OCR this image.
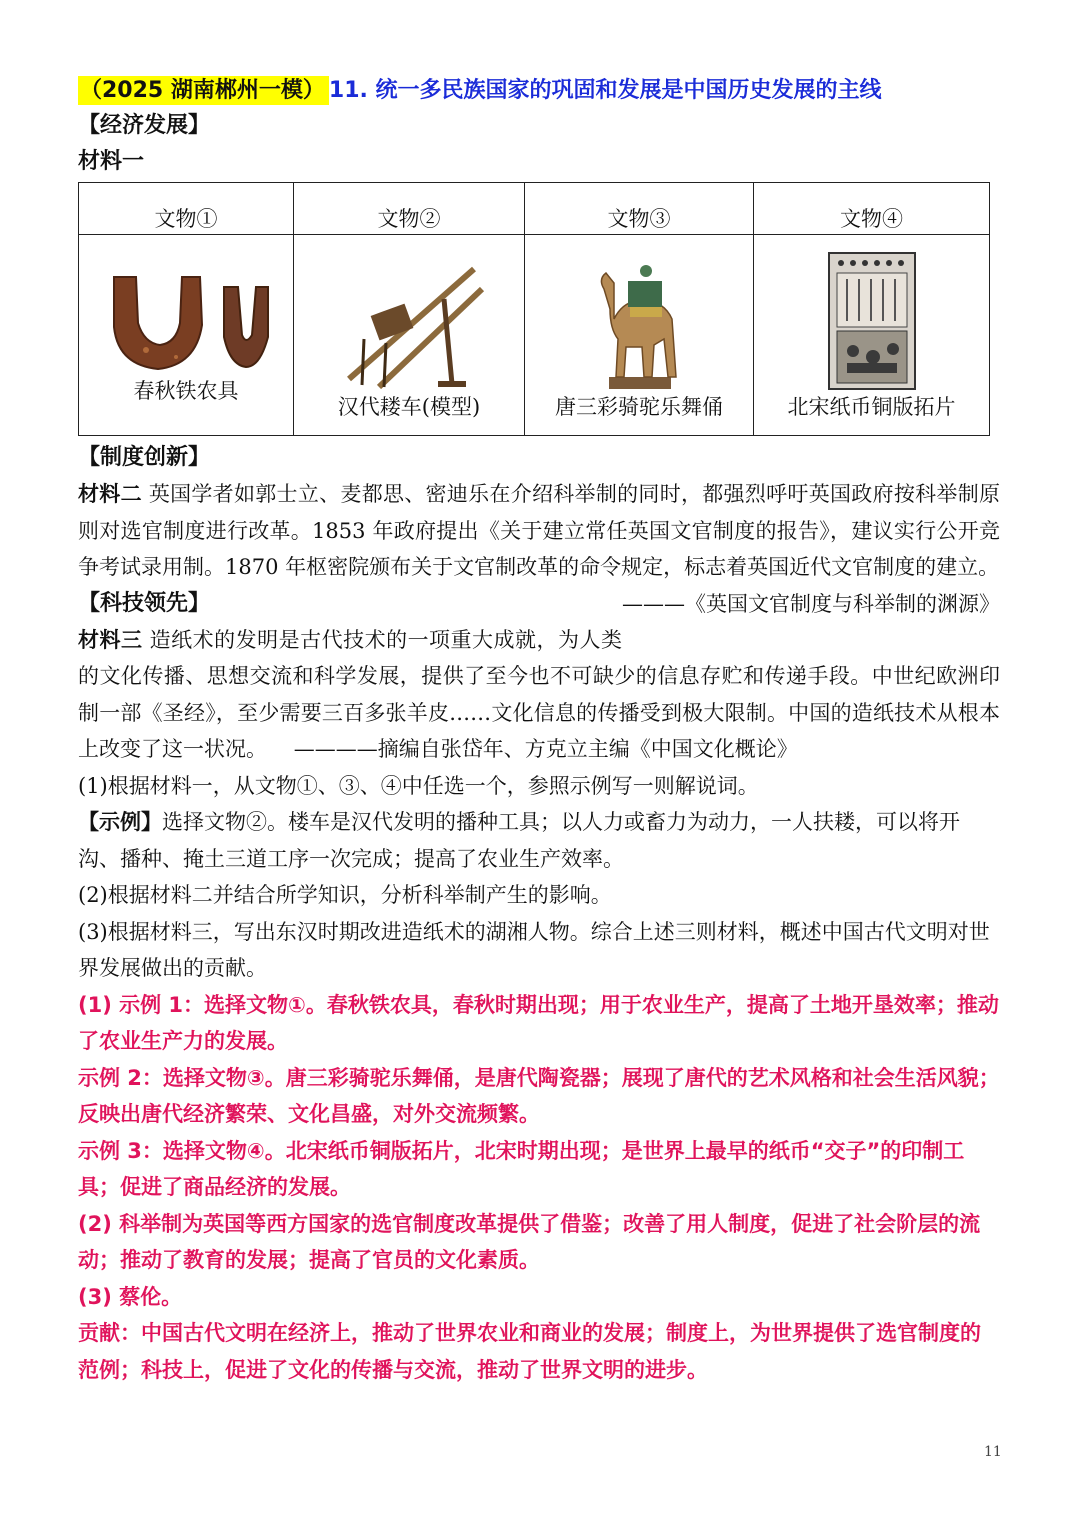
（2025 湖南郴州一模） 11. 统一多民族国家的巩固和发展是中国历史发展的主线
【经济发展】
材料一
文物①	文物②	文物③	文物④

春秋铁农具	汉代耧车(模型)	唐三彩骑驼乐舞俑	北宋纸币铜版拓片
【制度创新】

材料二 英国学者如郭士立、麦都思、密迪乐在介绍科举制的同时，都强烈呼吁英国政府按科举制原则对选官制度进行改革。1853 年政府提出《关于建立常任英国文官制度的报告》，建议实行公开竞争考试录用制。1870 年枢密院颁布关于文官制改革的命令规定，标志着英国近代文官制度的建立。
———《英国文官制度与科举制的渊源》

【科技领先】

材料三 造纸术的发明是古代技术的一项重大成就，为人类的文化传播、思想交流和科学发展，提供了至今也不可缺少的信息存贮和传递手段。中世纪欧洲印制一部《圣经》，至少需要三百多张羊皮……文化信息的传播受到极大限制。中国的造纸技术从根本上改变了这一状况。 ————摘编自张岱年、方克立主编《中国文化概论》

(1)根据材料一，从文物①、③、④中任选一个，参照示例写一则解说词。

【示例】选择文物②。楼车是汉代发明的播种工具；以人力或畜力为动力，一人扶耧，可以将开沟、播种、掩土三道工序一次完成；提高了农业生产效率。

(2)根据材料二并结合所学知识，分析科举制产生的影响。

(3)根据材料三，写出东汉时期改进造纸术的湖湘人物。综合上述三则材料，概述中国古代文明对世界发展做出的贡献。

(1) 示例 1：选择文物①。春秋铁农具，春秋时期出现；用于农业生产，提高了土地开垦效率；推动了农业生产力的发展。

示例 2：选择文物③。唐三彩骑驼乐舞俑，是唐代陶瓷器；展现了唐代的艺术风格和社会生活风貌；反映出唐代经济繁荣、文化昌盛，对外交流频繁。

示例 3：选择文物④。北宋纸币铜版拓片，北宋时期出现；是世界上最早的纸币“交子”的印制工具；促进了商品经济的发展。

(2) 科举制为英国等西方国家的选官制度改革提供了借鉴；改善了用人制度，促进了社会阶层的流动；推动了教育的发展；提高了官员的文化素质。

(3) 蔡伦。

贡献：中国古代文明在经济上，推动了世界农业和商业的发展；制度上，为世界提供了选官制度的范例；科技上，促进了文化的传播与交流，推动了世界文明的进步。

11
